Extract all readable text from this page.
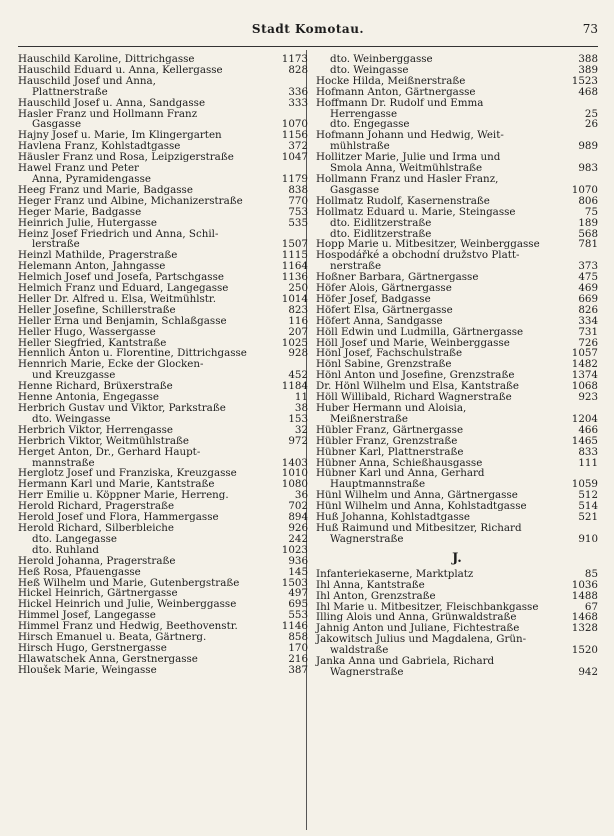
Stadt Komotau.	73
Hauschild Karoline, Dittrichgasse	1173
Hauschild Eduard u. Anna, Kellergasse	828
Hauschild Josef und Anna,
Plattnerstraße	336
Hauschild Josef u. Anna, Sandgasse	333
Hasler Franz und Hollmann Franz
Gasgasse	1070
Hajny Josef u. Marie, Im Klingergarten	1156
Havlena Franz, Kohlstadtgasse	372
Häusler Franz und Rosa, Leipzigerstraße	1047
Hawel Franz und Peter
Anna, Pyramidengasse	1179
Heeg Franz und Marie, Badgasse	838
Heger Franz und Albine, Michanizerstraße	770
Heger Marie, Badgasse	753
Heinrich Julie, Hutergasse	535
Heinz Josef Friedrich und Anna, Schil-
lerstraße	1507
Heinzl Mathilde, Pragerstraße	1115
Helemann Anton, Jahngasse	1164
Helmich Josef und Josefa, Partschgasse	1136
Helmich Franz und Eduard, Langegasse	250
Heller Dr. Alfred u. Elsa, Weitmühlstr.	1014
Heller Josefine, Schillerstraße	823
Heller Erna und Benjamin, Schlaßgasse	116
Heller Hugo, Wassergasse	207
Heller Siegfried, Kantstraße	1025
Hennlich Anton u. Florentine, Dittrichgasse	928
Hennrich Marie, Ecke der Glocken-
und Kreuzgasse	452
Henne Richard, Brüxerstraße	1184
Henne Antonia, Engegasse	11
Herbrich Gustav und Viktor, Parkstraße	38
dto. Weingasse	153
Herbrich Viktor, Herrengasse	32
Herbrich Viktor, Weitmühlstraße	972
Herget Anton, Dr., Gerhard Haupt-
mannstraße	1403
Herglotz Josef und Franziska, Kreuzgasse	1010
Hermann Karl und Marie, Kantstraße	1080
Herr Emilie u. Köppner Marie, Herreng.	36
Herold Richard, Pragerstraße	702
Herold Josef und Flora, Hammergasse	894
Herold Richard, Silberbleiche	926
dto. Langegasse	242
dto. Ruhland	1023
Herold Johanna, Pragerstraße	936
Heß Rosa, Pfauengasse	145
Heß Wilhelm und Marie, Gutenbergstraße	1503
Hickel Heinrich, Gärtnergasse	497
Hickel Heinrich und Julie, Weinberggasse	695
Himmel Josef, Langegasse	553
Himmel Franz und Hedwig, Beethovenstr.	1146
Hirsch Emanuel u. Beata, Gärtnerg.	858
Hirsch Hugo, Gerstnergasse	170
Hlawatschek Anna, Gerstnergasse	216
Hloušek Marie, Weingasse	387
dto. Weinberggasse	388
dto. Weingasse	389
Hocke Hilda, Meißnerstraße	1523
Hofmann Anton, Gärtnergasse	468
Hoffmann Dr. Rudolf und Emma
Herrengasse	25
dto. Engegasse	26
Hofmann Johann und Hedwig, Weit-
mühlstraße	989
Hollitzer Marie, Julie und Irma und
Smola Anna, Weitmühlstraße	983
Hollmann Franz und Hasler Franz,
Gasgasse	1070
Hollmatz Rudolf, Kasernenstraße	806
Hollmatz Eduard u. Marie, Steingasse	75
dto. Eidlitzerstraße	189
dto. Eidlitzerstraße	568
Hopp Marie u. Mitbesitzer, Weinberggasse	781
Hospodářké a obchodní družstvo Platt-
nerstraße	373
Hoßner Barbara, Gärtnergasse	475
Höfer Alois, Gärtnergasse	469
Höfer Josef, Badgasse	669
Höfert Elsa, Gärtnergasse	826
Höfert Anna, Sandgasse	334
Höll Edwin und Ludmilla, Gärtnergasse	731
Höll Josef und Marie, Weinberggasse	726
Hönl Josef, Fachschulstraße	1057
Hönl Sabine, Grenzstraße	1482
Hönl Anton und Josefine, Grenzstraße	1374
Dr. Hönl Wilhelm und Elsa, Kantstraße	1068
Höll Willibald, Richard Wagnerstraße	923
Huber Hermann und Aloisia,
Meißnerstraße	1204
Hübler Franz, Gärtnergasse	466
Hübler Franz, Grenzstraße	1465
Hübner Karl, Plattnerstraße	833
Hübner Anna, Schießhausgasse	111
Hübner Karl und Anna, Gerhard
Hauptmannstraße	1059
Hünl Wilhelm und Anna, Gärtnergasse	512
Hünl Wilhelm und Anna, Kohlstadtgasse	514
Huß Johanna, Kohlstadtgasse	521
Huß Raimund und Mitbesitzer, Richard
Wagnerstraße	910
J.
Infanteriekaserne, Marktplatz	85
Ihl Anna, Kantstraße	1036
Ihl Anton, Grenzstraße	1488
Ihl Marie u. Mitbesitzer, Fleischbankgasse	67
Illing Alois und Anna, Grünwaldstraße	1468
Jahnig Anton und Juliane, Fichtestraße	1328
Jakowitsch Julius und Magdalena, Grün-
waldstraße	1520
Janka Anna und Gabriela, Richard
Wagnerstraße	942
